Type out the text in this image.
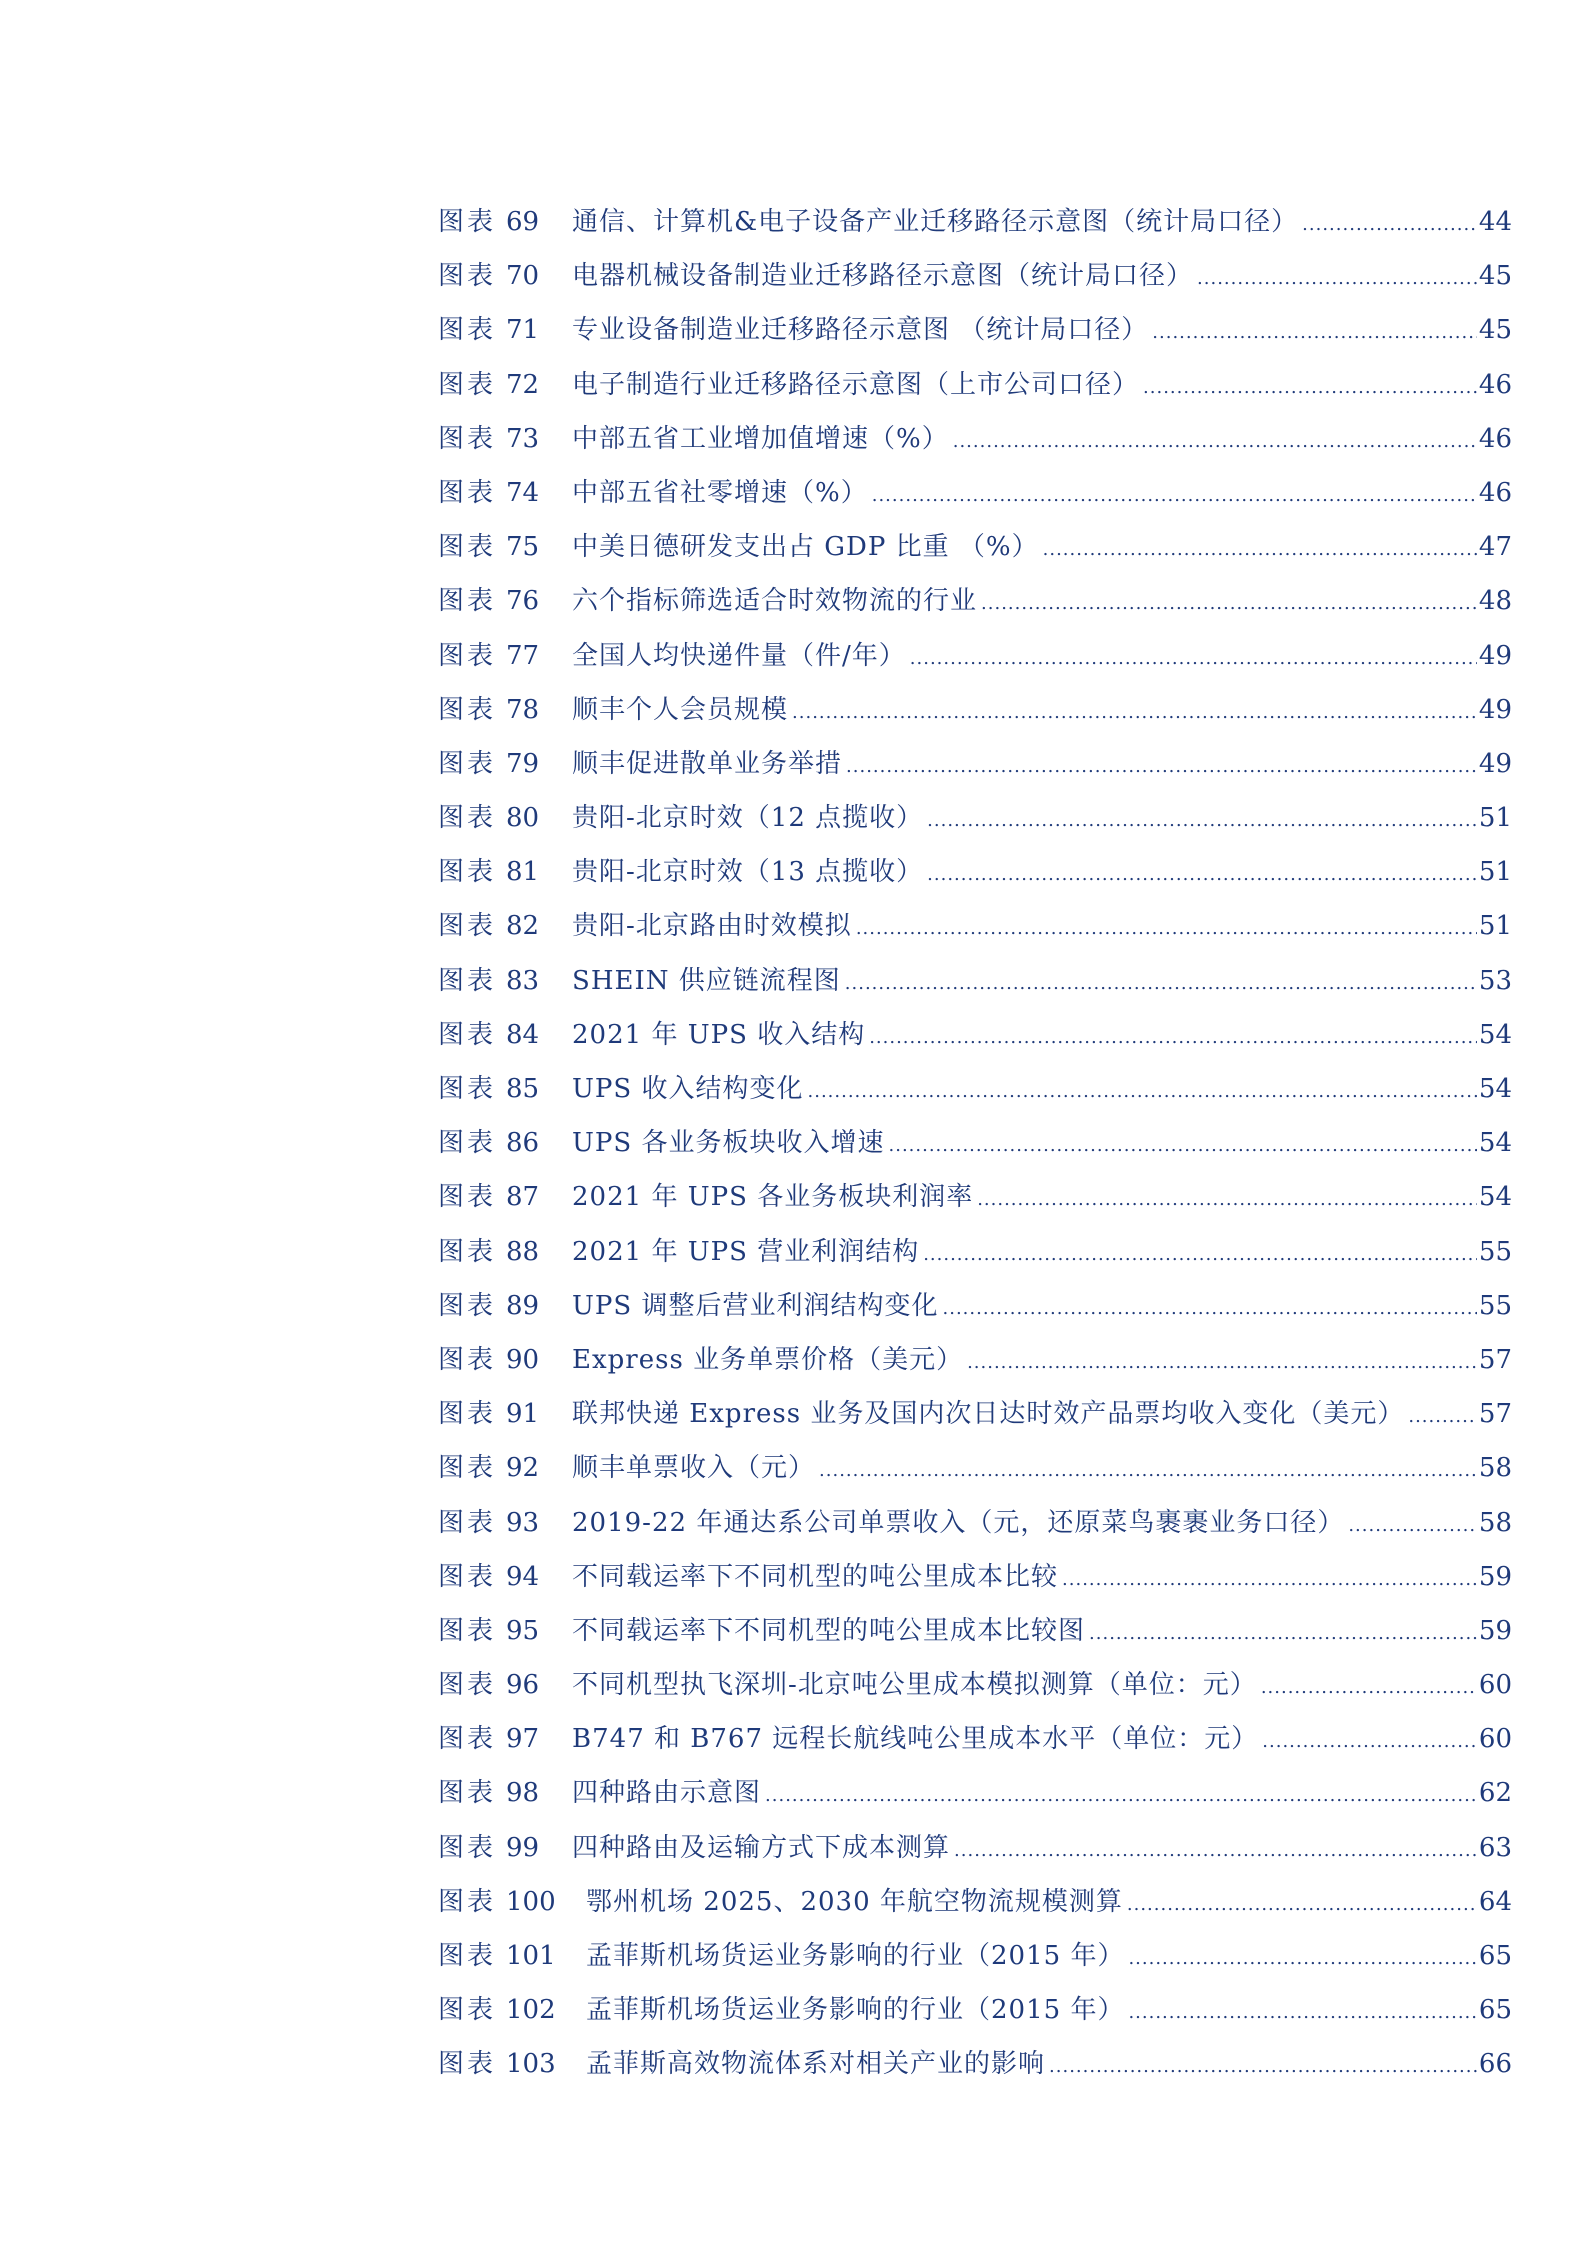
图表 69	通信、计算机&电子设备产业迁移路径示意图（统计局口径） .....	44
图表 70	电器机械设备制造业迁移路径示意图（统计局口径） .....	45
图表 71	专业设备制造业迁移路径示意图 （统计局口径） .....	45
图表 72	电子制造行业迁移路径示意图（上市公司口径） .....	46
图表 73	中部五省工业增加值增速（%） .....	46
图表 74	中部五省社零增速（%） .....	46
图表 75	中美日德研发支出占 GDP 比重 （%） .....	47
图表 76	六个指标筛选适合时效物流的行业 .....	48
图表 77	全国人均快递件量（件/年） .....	49
图表 78	顺丰个人会员规模 .....	49
图表 79	顺丰促进散单业务举措 .....	49
图表 80	贵阳-北京时效（12 点揽收） .....	51
图表 81	贵阳-北京时效（13 点揽收） .....	51
图表 82	贵阳-北京路由时效模拟 .....	51
图表 83	SHEIN 供应链流程图 .....	53
图表 84	2021 年 UPS 收入结构 .....	54
图表 85	UPS 收入结构变化 .....	54
图表 86	UPS 各业务板块收入增速 .....	54
图表 87	2021 年 UPS 各业务板块利润率 .....	54
图表 88	2021 年 UPS 营业利润结构 .....	55
图表 89	UPS 调整后营业利润结构变化 .....	55
图表 90	Express 业务单票价格（美元） .....	57
图表 91	联邦快递 Express 业务及国内次日达时效产品票均收入变化（美元） .....	57
图表 92	顺丰单票收入（元） .....	58
图表 93	2019-22 年通达系公司单票收入（元，还原菜鸟裹裹业务口径） .....	58
图表 94	不同载运率下不同机型的吨公里成本比较 .....	59
图表 95	不同载运率下不同机型的吨公里成本比较图 .....	59
图表 96	不同机型执飞深圳-北京吨公里成本模拟测算（单位：元） .....	60
图表 97	B747 和 B767 远程长航线吨公里成本水平（单位：元） .....	60
图表 98	四种路由示意图 .....	62
图表 99	四种路由及运输方式下成本测算 .....	63
图表 100	鄂州机场 2025、2030 年航空物流规模测算 .....	64
图表 101	孟菲斯机场货运业务影响的行业（2015 年） .....	65
图表 102	孟菲斯机场货运业务影响的行业（2015 年） .....	65
图表 103	孟菲斯高效物流体系对相关产业的影响 .....	66
